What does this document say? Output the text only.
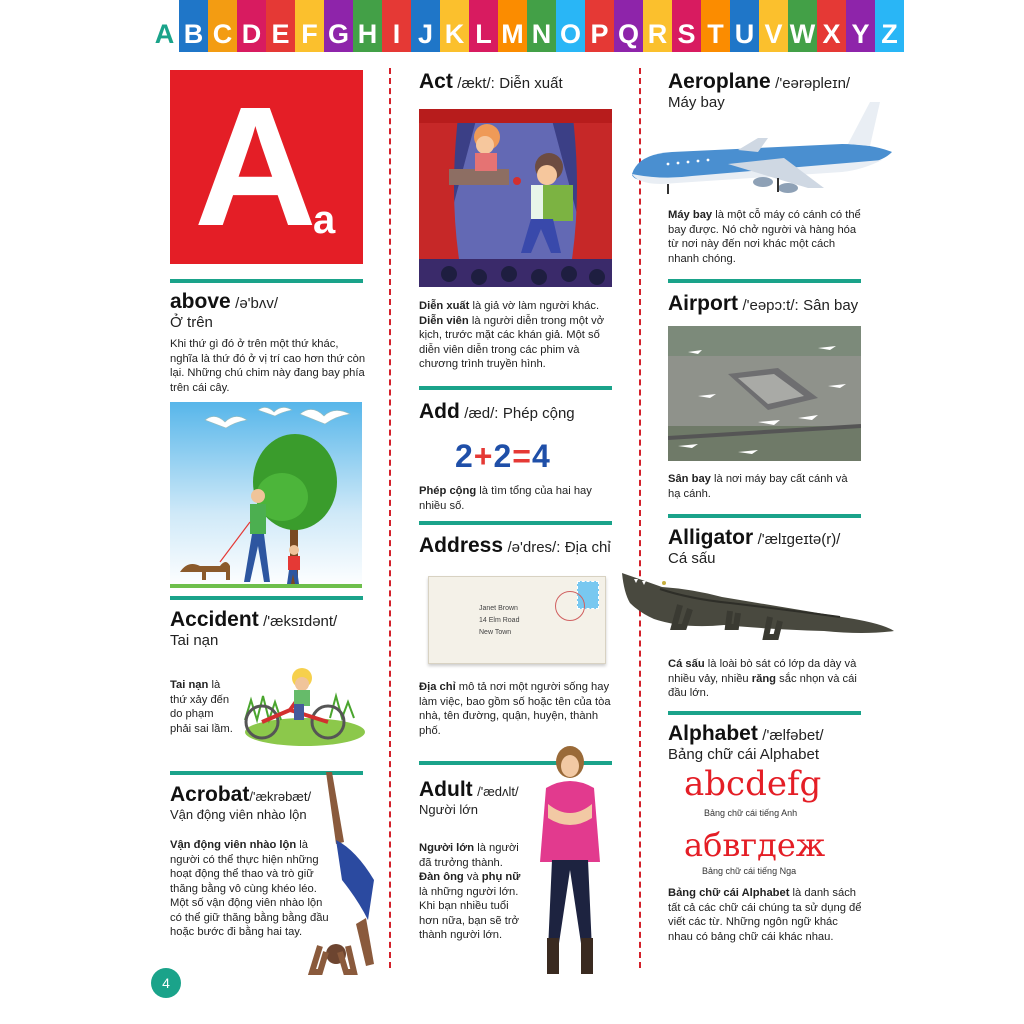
A B C D E F G H I J K L M N O P Q R S T U V W X Y Z
A
a
above /ə'bʌv/
Ở trên
Khi thứ gì đó ở trên một thứ khác, nghĩa là thứ đó ở vị trí cao hơn thứ còn lại. Những chú chim này đang bay phía trên cái cây.
Accident /'æksɪdənt/
Tai nạn
Tai nạn là thứ xảy đến do phạm phải sai lầm.
Acrobat/'ækrəbæt/
Vận động viên nhào lộn
Vận động viên nhào lộn là người có thể thực hiện những hoạt động thể thao và trò giữ thăng bằng vô cùng khéo léo. Một số vận động viên nhào lộn có thể giữ thăng bằng bằng đầu hoặc bước đi bằng hai tay.
4
Act /ækt/: Diễn xuất
Diễn xuất là giả vờ làm người khác.
Diễn viên là người diễn trong một vở kịch, trước mặt các khán giả. Một số diễn viên diễn trong các phim và chương trình truyền hình.
Add /æd/: Phép cộng
2+2=4
Phép cộng là tìm tổng của hai hay nhiều số.
Address /ə'dres/: Địa chỉ
Janet Brown
14 Elm Road
New Town
Địa chỉ mô tả nơi một người sống hay làm việc, bao gồm số hoặc tên của tòa nhà, tên đường, quận, huyện, thành phố.
Adult /'ædʌlt/
Người lớn
Người lớn là người đã trưởng thành. Đàn ông và phụ nữ là những người lớn. Khi bạn nhiều tuổi hơn nữa, bạn sẽ trở thành người lớn.
Aeroplane /'eərəpleɪn/
Máy bay
Máy bay là một cỗ máy có cánh có thể bay được. Nó chở người và hàng hóa từ nơi này đến nơi khác một cách nhanh chóng.
Airport /'eəpɔ:t/: Sân bay
Sân bay là nơi máy bay cất cánh và hạ cánh.
Alligator /'ælɪgeɪtə(r)/
Cá sấu
Cá sấu là loài bò sát có lớp da dày và nhiều vảy, nhiều răng sắc nhọn và cái đầu lớn.
Alphabet /'ælfəbet/
Bảng chữ cái Alphabet
abcdefg
Bảng chữ cái tiếng Anh
абвгдеж
Bảng chữ cái tiếng Nga
Bảng chữ cái Alphabet là danh sách tất cả các chữ cái chúng ta sử dụng để viết các từ. Những ngôn ngữ khác nhau có bảng chữ cái khác nhau.
